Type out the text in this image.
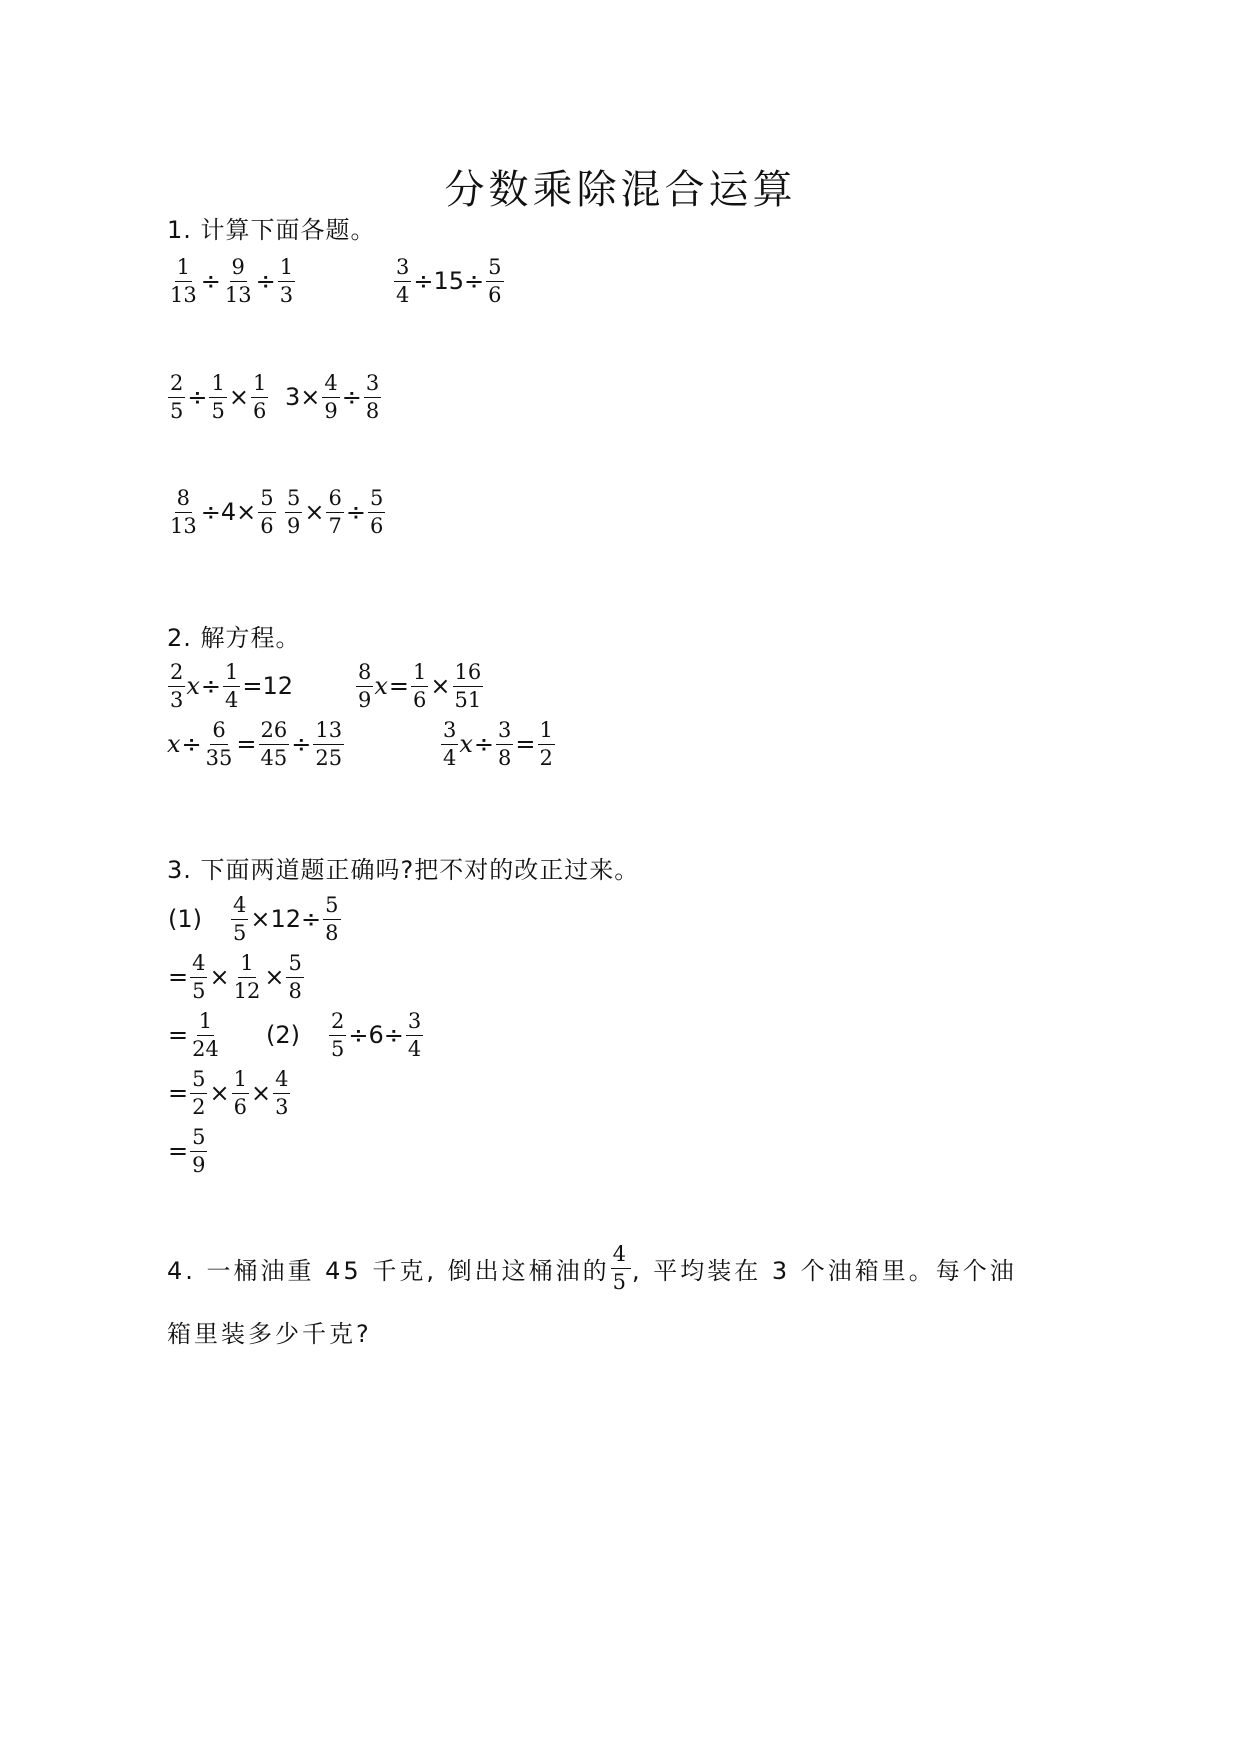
分数乘除混合运算
1. 计算下面各题。
$\frac{1}{13} \div \frac{9}{13} \div \frac{1}{3}$	$\frac{3}{4} \div 15\div \frac{5}{6}$
$\frac{2}{5} \div \frac{1}{5} \times \frac{1}{6} 3\times \frac{4}{9} \div \frac{3}{8}$
$\frac{8}{13} \div 4\times \frac{5}{6} \frac{5}{9} \times \frac{6}{7} \div \frac{5}{6}$
2. 解方程。
$\frac{2}{3}$ $x \div \frac{1}{4} =12$	$\frac{8}{9}$ $x = \frac{1}{6} \times \frac{16}{51}$
$x \div \frac{6}{35} = \frac{26}{45} \div \frac{13}{25}$	$\frac{3}{4}$ $x \div \frac{3}{8} = \frac{1}{2}$
3. 下面两道题正确吗?把不对的改正过来。
$(1) \frac{4}{5} \times 12\div \frac{5}{8}$
= $\frac{4}{5} \times \frac{1}{12} \times \frac{5}{8}$
= $\frac{1}{24} (2) \frac{2}{5} \div 6\div \frac{3}{4}$
= $\frac{5}{2} \times \frac{1}{6} \times \frac{4}{3}$
= $\frac{5}{9}$
4. 一桶油重 45 千克, 倒出这桶油的 $\frac{4}{5}$ , 平均装在 3 个油箱里。每个油
箱里装多少千克?
